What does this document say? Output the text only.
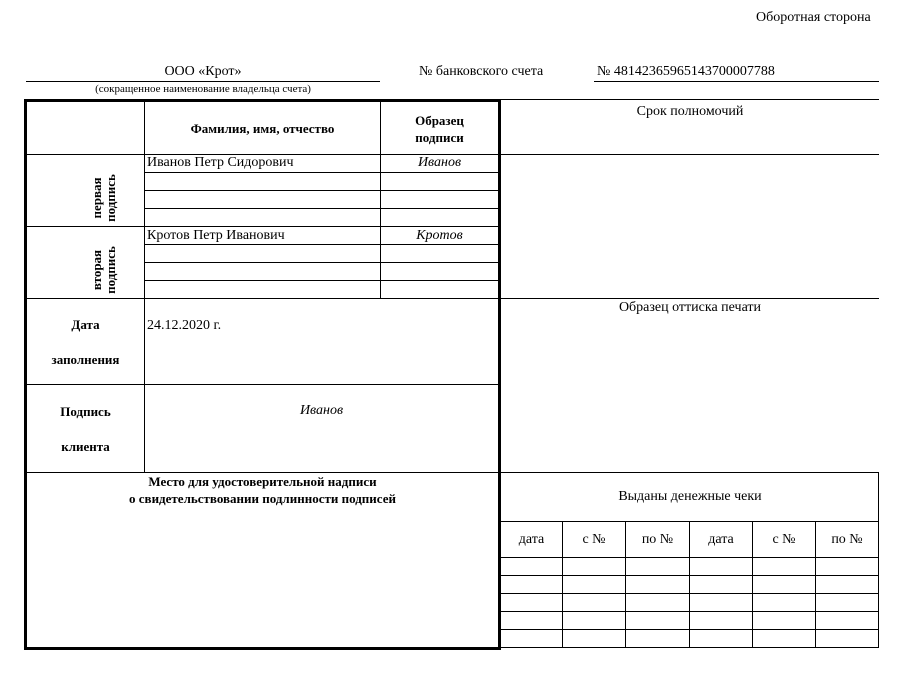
Оборотная сторона
ООО «Крот»
(сокращенное наименование владельца счета)
№ банковского счета	№ 48142365965143700007788
Фамилия, имя, отчество
Образец
подписи
первая подпись
вторая подпись
Иванов Петр Сидорович	Иванов
Кротов Петр Иванович	Кротов
Дата
заполнения
24.12.2020 г.
Подпись
клиента
Иванов
Место для удостоверительной надписи
о свидетельствовании подлинности подписей
Срок полномочий
Образец оттиска печати
Выданы денежные чеки
дата	с №	по №	дата	с №	по №
